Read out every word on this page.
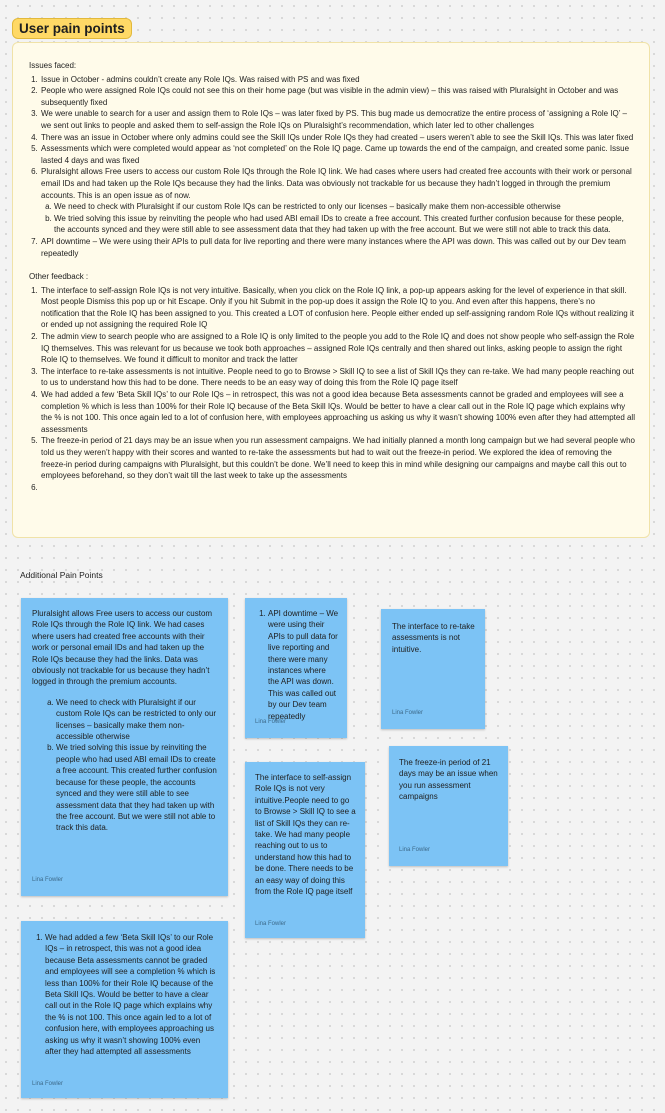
User pain points
Issues faced:
1. Issue in October - admins couldn’t create any Role IQs. Was raised with PS and was fixed
2. People who were assigned Role IQs could not see this on their home page (but was visible in the admin view) – this was raised with Pluralsight in October and was subsequently fixed
3. We were unable to search for a user and assign them to Role IQs – was later fixed by PS. This bug made us democratize the entire process of ‘assigning a Role IQ’ – we sent out links to people and asked them to self-assign the Role IQs on Pluralsight’s recommendation, which later led to other challenges
4. There was an issue in October where only admins could see the Skill IQs under Role IQs they had created – users weren’t able to see the Skill IQs. This was later fixed
5. Assessments which were completed would appear as ‘not completed’ on the Role IQ page. Came up towards the end of the campaign, and created some panic. Issue lasted 4 days and was fixed
6. Pluralsight allows Free users to access our custom Role IQs through the Role IQ link. We had cases where users had created free accounts with their work or personal email IDs and had taken up the Role IQs because they had the links. Data was obviously not trackable for us because they hadn’t logged in through the premium accounts. This is an open issue as of now.
a. We need to check with Pluralsight if our custom Role IQs can be restricted to only our licenses – basically make them non-accessible otherwise
b. We tried solving this issue by reinviting the people who had used ABI email IDs to create a free account. This created further confusion because for these people, the accounts synced and they were still able to see assessment data that they had taken up with the free account. But we were still not able to track this data.
7. API downtime – We were using their APIs to pull data for live reporting and there were many instances where the API was down. This was called out by our Dev team repeatedly
Other feedback :
1. The interface to self-assign Role IQs is not very intuitive. Basically, when you click on the Role IQ link, a pop-up appears asking for the level of experience in that skill. Most people Dismiss this pop up or hit Escape. Only if you hit Submit in the pop-up does it assign the Role IQ to you. And even after this happens, there’s no notification that the Role IQ has been assigned to you. This created a LOT of confusion here. People either ended up self-assigning random Role IQs without realizing it or ended up not assigning the required Role IQ
2. The admin view to search people who are assigned to a Role IQ is only limited to the people you add to the Role IQ and does not show people who self-assign the Role IQ themselves. This was relevant for us because we took both approaches – assigned Role IQs centrally and then shared out links, asking people to assign the right Role IQ to themselves. We found it difficult to monitor and track the latter
3. The interface to re-take assessments is not intuitive. People need to go to Browse > Skill IQ to see a list of Skill IQs they can re-take. We had many people reaching out to us to understand how this had to be done. There needs to be an easy way of doing this from the Role IQ page itself
4. We had added a few ‘Beta Skill IQs’ to our Role IQs – in retrospect, this was not a good idea because Beta assessments cannot be graded and employees will see a completion % which is less than 100% for their Role IQ because of the Beta Skill IQs. Would be better to have a clear call out in the Role IQ page which explains why the % is not 100. This once again led to a lot of confusion here, with employees approaching us asking us why it wasn’t showing 100% even after they had attempted all assessments
5. The freeze-in period of 21 days may be an issue when you run assessment campaigns. We had initially planned a month long campaign but we had several people who told us they weren’t happy with their scores and wanted to re-take the assessments but had to wait out the freeze-in period. We explored the idea of removing the freeze-in period during campaigns with Pluralsight, but this couldn’t be done. We’ll need to keep this in mind while designing our campaigns and maybe call this out to employees beforehand, so they don’t wait till the last week to take up the assessments
6.
Additional Pain Points

Pluralsight allows Free users to access our custom Role IQs through the Role IQ link. We had cases where users had created free accounts with their work or personal email IDs and had taken up the Role IQs because they had the links. Data was obviously not trackable for us because they hadn’t logged in through the premium accounts.

a. We need to check with Pluralsight if our custom Role IQs can be restricted to only our licenses – basically make them non-accessible otherwise
b. We tried solving this issue by reinviting the people who had used ABI email IDs to create a free account. This created further confusion because for these people, the accounts synced and they were still able to see assessment data that they had taken up with the free account. But we were still not able to track this data.
Lina Fowler
1. API downtime – We were using their APIs to pull data for live reporting and there were many instances where the API was down. This was called out by our Dev team repeatedly
Lina Fowler

The interface to re-take assessments is not intuitive.

Lina Fowler

The interface to self-assign Role IQs is not very intuitive.People need to go to Browse > Skill IQ to see a list of Skill IQs they can re-take. We had many people reaching out to us to understand how this had to be done. There needs to be an easy way of doing this from the Role IQ page itself

Lina Fowler

The freeze-in period of 21 days may be an issue when you run assessment campaigns

Lina Fowler
1. We had added a few ‘Beta Skill IQs’ to our Role IQs – in retrospect, this was not a good idea because Beta assessments cannot be graded and employees will see a completion % which is less than 100% for their Role IQ because of the Beta Skill IQs. Would be better to have a clear call out in the Role IQ page which explains why the % is not 100. This once again led to a lot of confusion here, with employees approaching us asking us why it wasn’t showing 100% even after they had attempted all assessments
Lina Fowler
